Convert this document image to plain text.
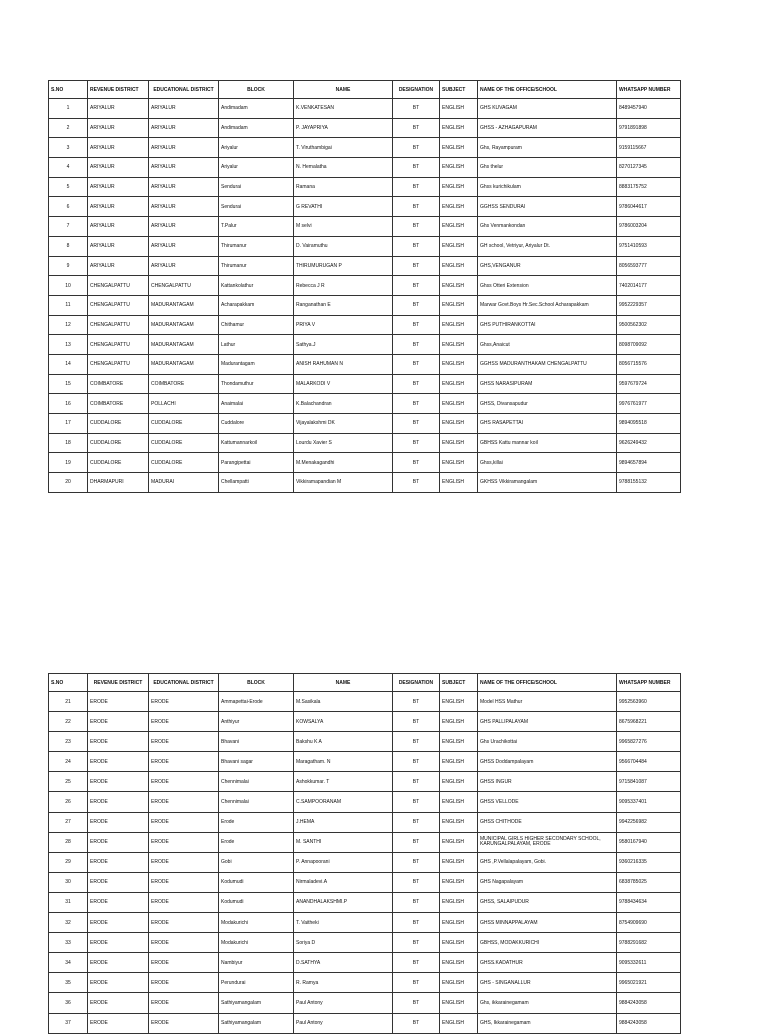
S.NO	REVENUE DISTRICT	EDUCATIONAL DISTRICT	BLOCK	NAME	DESIGNATION	SUBJECT	NAME OF THE OFFICE/SCHOOL	WHATSAPP NUMBER
1	ARIYALUR	ARIYALUR	Andimadam	K.VENKATESAN	BT	ENGLISH	GHS KUVAGAM	8489457940
2	ARIYALUR	ARIYALUR	Andimadam	P. JAYAPRIYA	BT	ENGLISH	GHSS - AZHAGAPURAM	9791891898
3	ARIYALUR	ARIYALUR	Ariyalur	T. Viruthambigai	BT	ENGLISH	Ghs, Rayampuram	9159115667
4	ARIYALUR	ARIYALUR	Ariyalur	N. Hemalatha	BT	ENGLISH	Ghs thelur	8270127345
5	ARIYALUR	ARIYALUR	Sendurai	Ramana	BT	ENGLISH	Ghss kurichikulam	8883175752
6	ARIYALUR	ARIYALUR	Sendurai	G REVATHI	BT	ENGLISH	GGHSS SENDURAI	9786044617
7	ARIYALUR	ARIYALUR	T.Palur	M selvi	BT	ENGLISH	Ghs Venmankondan	9786003204
8	ARIYALUR	ARIYALUR	Thirumanur	D. Vairamuthu	BT	ENGLISH	GH school, Vetriyur, Ariyalur Dt.	9751410593
9	ARIYALUR	ARIYALUR	Thirumanur	THIRUMURUGAN P	BT	ENGLISH	GHS,VENGANUR	8056593777
10	CHENGALPATTU	CHENGALPATTU	Kattankolathur	Rebecca J R	BT	ENGLISH	Ghss Otteri Extension	7402014177
11	CHENGALPATTU	MADURANTAGAM	Acharapakkam	Ranganathan E	BT	ENGLISH	Marwar Govt.Boys Hr.Sec.School Acharapakkam	9952229357
12	CHENGALPATTU	MADURANTAGAM	Chithamur	PRIYA V	BT	ENGLISH	GHS PUTHIRANKOTTAI	9500562302
13	CHENGALPATTU	MADURANTAGAM	Lathur	Sathya.J	BT	ENGLISH	Ghss,Anaicut	8098709092
14	CHENGALPATTU	MADURANTAGAM	Madurantagam	ANISH RAHUMAN N	BT	ENGLISH	GGHSS MADURANTHAKAM CHENGALPATTU	8056715576
15	COIMBATORE	COIMBATORE	Thondamuthur	MALARKODI V	BT	ENGLISH	GHSS NARASIPURAM	9597679724
16	COIMBATORE	POLLACHI	Anaimalai	K.Balachandran	BT	ENGLISH	GHSS, Divansapudur	9976761977
17	CUDDALORE	CUDDALORE	Cuddalore	Vijayalakshmi DK	BT	ENGLISH	GHS RASAPETTAI	9894095518
18	CUDDALORE	CUDDALORE	Kattumannarkoil	Lourdu Xavier S	BT	ENGLISH	GBHSS Kattu mannar koil	9626249432
19	CUDDALORE	CUDDALORE	Parangipettai	M.Menakagandhi	BT	ENGLISH	Ghss,killai	9894657894
20	DHARMAPURI	MADURAI	Chellampatti	Vikkiramapandian M	BT	ENGLISH	GKHSS Vikkiramangalam	9788155132
S.NO	REVENUE DISTRICT	EDUCATIONAL DISTRICT	BLOCK	NAME	DESIGNATION	SUBJECT	NAME OF THE OFFICE/SCHOOL	WHATSAPP NUMBER
21	ERODE	ERODE	Ammapettai-Erode	M.Sasikala	BT	ENGLISH	Model HSS Mathur	9952563960
22	ERODE	ERODE	Anthiyur	KOWSALYA	BT	ENGLISH	GHS PALLIPALAYAM	8675968221
23	ERODE	ERODE	Bhavani	Bakshu K A	BT	ENGLISH	Ghs Urachikottai	9965827276
24	ERODE	ERODE	Bhavani sagar	Maragatham. N	BT	ENGLISH	GHSS Doddampalayam	9566704484
25	ERODE	ERODE	Chennimalai	Ashokkumar. T	BT	ENGLISH	GHSS INGUR	9715841087
26	ERODE	ERODE	Chennimalai	C.SAMPOORANAM	BT	ENGLISH	GHSS VELLODE	9095337401
27	ERODE	ERODE	Erode	J.HEMA	BT	ENGLISH	GHSS CHITHODE	9942256982
28	ERODE	ERODE	Erode	M. SANTHI	BT	ENGLISH	MUNICIPAL GIRLS HIGHER SECONDARY SCHOOL, KARUNGALPALAYAM, ERODE	9580167940
29	ERODE	ERODE	Gobi	P. Annapoorani	BT	ENGLISH	GHS ,P.Vellalapalayam, Gobi.	9360216335
30	ERODE	ERODE	Kodumudi	Nirmaladevi.A	BT	ENGLISH	GHS Nagapalayam	6838785025
31	ERODE	ERODE	Kodumudi	ANANDHALAKSHMI.P	BT	ENGLISH	GHSS, SALAIPUDUR	9788434634
32	ERODE	ERODE	Modakurichi	T. Vaitheki	BT	ENGLISH	GHSS MINNAPPALAYAM	8754909690
33	ERODE	ERODE	Modakurichi	Soriya D	BT	ENGLISH	GBHSS, MODAKKURICHI	9788291682
34	ERODE	ERODE	Nambiyur	D.SATHYA	BT	ENGLISH	GHSS.KADATHUR	9095332611
35	ERODE	ERODE	Perundurai	R. Ramya	BT	ENGLISH	GHS - SINGANALLUR	9965021921
36	ERODE	ERODE	Sathiyamangalam	Paul Antony	BT	ENGLISH	Ghs, ikkarainegamam	9884243058
37	ERODE	ERODE	Sathiyamangalam	Paul Antony	BT	ENGLISH	GHS, Ikkarainegamam	9884243058
